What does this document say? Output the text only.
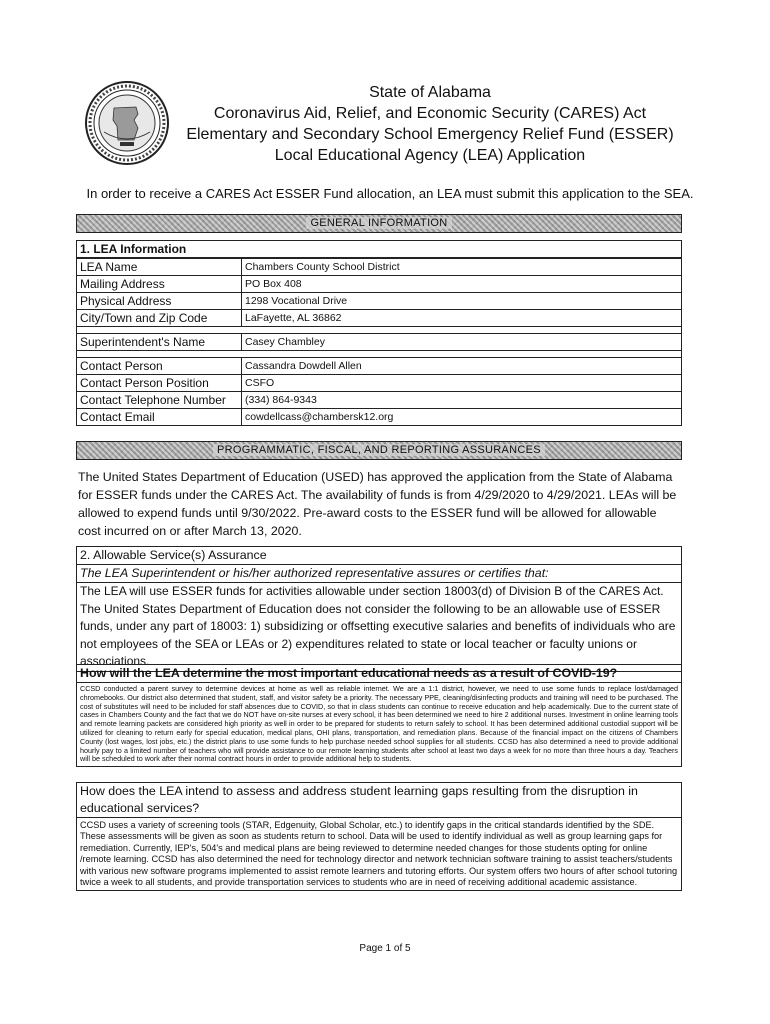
State of Alabama
Coronavirus Aid, Relief, and Economic Security (CARES) Act
Elementary and Secondary School Emergency Relief Fund (ESSER)
Local Educational Agency (LEA) Application
In order to receive a CARES Act ESSER Fund allocation, an LEA must submit this application to the SEA.
GENERAL INFORMATION
1. LEA Information	
LEA Name	Chambers County School District
Mailing Address	PO Box 408
Physical Address	1298 Vocational Drive
City/Town and Zip Code	LaFayette, AL 36862

Superintendent's Name	Casey Chambley

Contact Person	Cassandra Dowdell Allen
Contact Person Position	CSFO
Contact Telephone Number	(334) 864-9343
Contact Email	cowdellcass@chambersk12.org
PROGRAMMATIC, FISCAL, AND REPORTING ASSURANCES
The United States Department of Education (USED) has approved the application from the State of Alabama for ESSER funds under the CARES Act. The availability of funds is from 4/29/2020 to 4/29/2021. LEAs will be allowed to expend funds until 9/30/2022. Pre-award costs to the ESSER fund will be allowed for allowable cost incurred on or after March 13, 2020.
2. Allowable Service(s) Assurance
The LEA Superintendent or his/her authorized representative assures or certifies that:
The LEA will use ESSER funds for activities allowable under section 18003(d) of Division B of the CARES Act. The United States Department of Education does not consider the following to be an allowable use of ESSER funds, under any part of 18003: 1) subsidizing or offsetting executive salaries and benefits of individuals who are not employees of the SEA or LEAs or 2) expenditures related to state or local teacher or faculty unions or associations.
How will the LEA determine the most important educational needs as a result of COVID-19?
CCSD conducted a parent survey to determine devices at home as well as reliable internet. We are a 1:1 district, however, we need to use some funds to replace lost/damaged chromebooks. Our district also determined that student, staff, and visitor safety be a priority. The necessary PPE, cleaning/disinfecting products and training will need to be purchased. The cost of substitutes will need to be included for staff absences due to COVID, so that in class students can continue to receive education and help academically. Due to the current state of cases in Chambers County and the fact that we do NOT have on-site nurses at every school, it has been determined we need to hire 2 additional nurses. Investment in online learning tools and remote learning packets are considered high priority as well in order to be prepared for students to return safely to school. It has been determined additional custodial support will be utilized for cleaning to return early for special education, medical plans, OHI plans, transportation, and remediation plans. Because of the financial impact on the citizens of Chambers County (lost wages, lost jobs, etc.) the district plans to use some funds to help purchase needed school supplies for all students. CCSD has also determined a need to provide additional hourly pay to a limited number of teachers who will provide assistance to our remote learning students after school at least two days a week for no more than three hours a day. Teachers will be scheduled to work after their normal contract hours in order to provide additional help to students.
How does the LEA intend to assess and address student learning gaps resulting from the disruption in educational services?
CCSD uses a variety of screening tools (STAR, Edgenuity, Global Scholar, etc.) to identify gaps in the critical standards identified by the SDE. These assessments will be given as soon as students return to school. Data will be used to identify individual as well as group learning gaps for remediation. Currently, IEP's, 504's and medical plans are being reviewed to determine needed changes for those students opting for online /remote learning. CCSD has also determined the need for technology director and network technician software training to assist teachers/students with various new software programs implemented to assist remote learners and tutoring efforts. Our system offers two hours of after school tutoring twice a week to all students, and provide transportation services to students who are in need of receiving additional academic assistance.
Page 1 of 5
